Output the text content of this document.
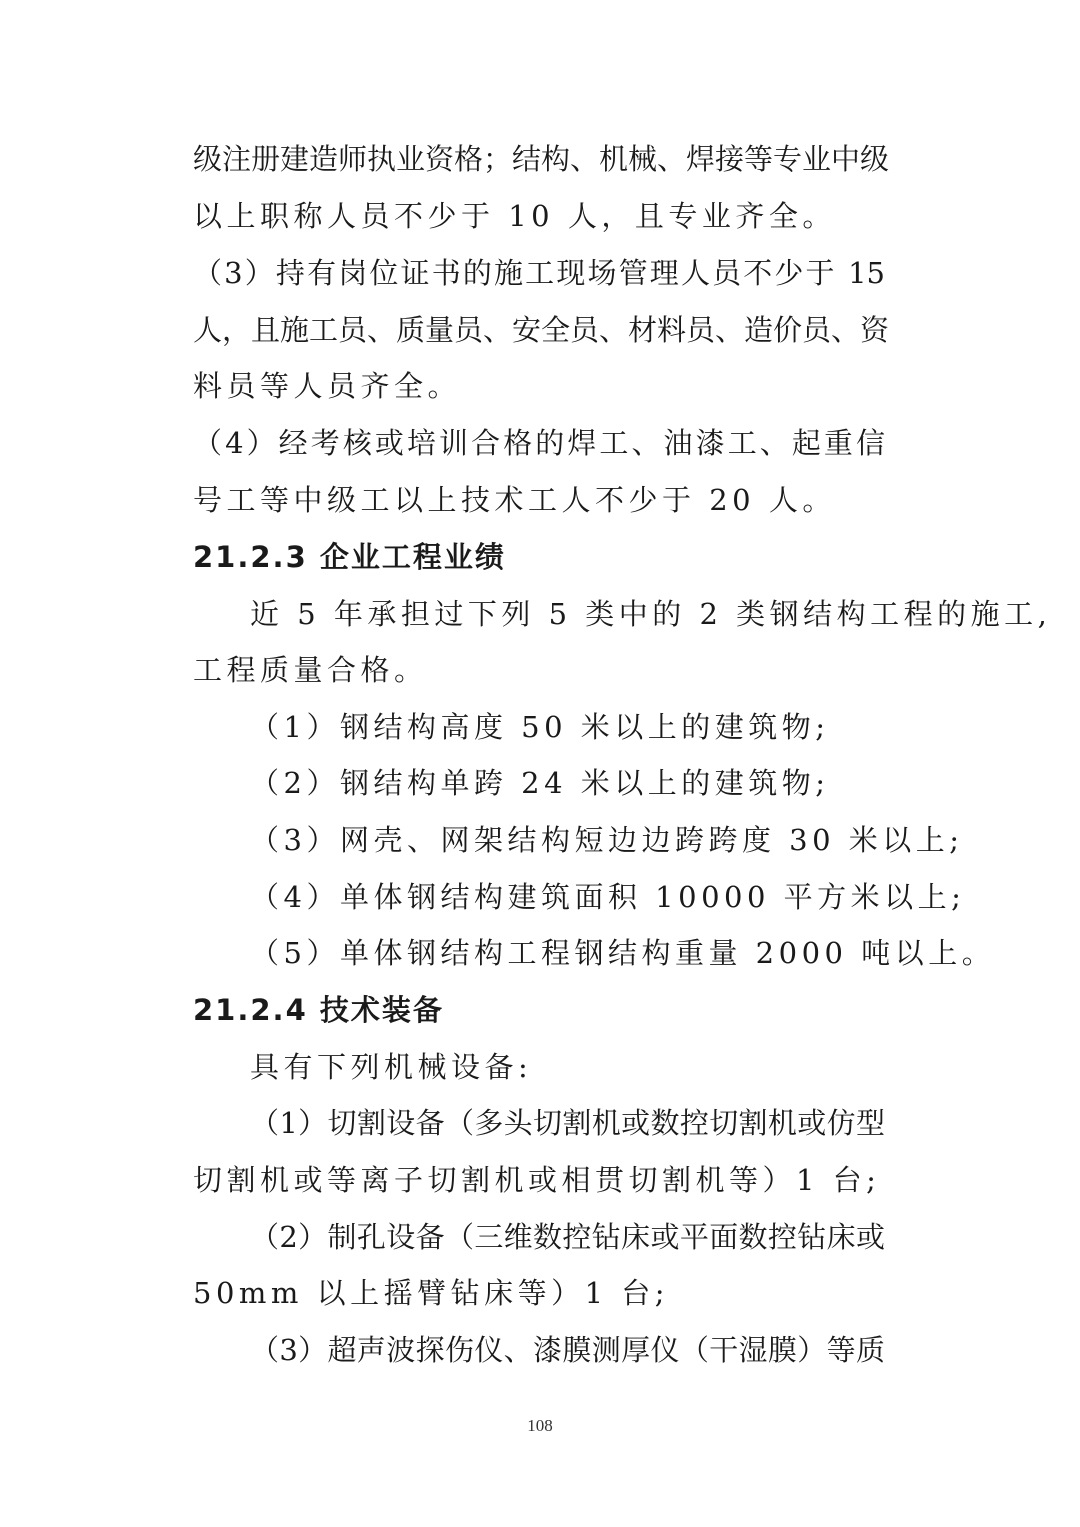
级注册建造师执业资格；结构、机械、焊接等专业中级
以上职称人员不少于 10 人，且专业齐全。
（3）持有岗位证书的施工现场管理人员不少于 15
人，且施工员、质量员、安全员、材料员、造价员、资
料员等人员齐全。
（4）经考核或培训合格的焊工、油漆工、起重信
号工等中级工以上技术工人不少于 20 人。
21.2.3 企业工程业绩
近 5 年承担过下列 5 类中的 2 类钢结构工程的施工,
工程质量合格。
（1）钢结构高度 50 米以上的建筑物;
（2）钢结构单跨 24 米以上的建筑物;
（3）网壳、网架结构短边边跨跨度 30 米以上;
（4）单体钢结构建筑面积 10000 平方米以上;
（5）单体钢结构工程钢结构重量 2000 吨以上。
21.2.4 技术装备
具有下列机械设备:
（1）切割设备（多头切割机或数控切割机或仿型
切割机或等离子切割机或相贯切割机等）1 台;
（2）制孔设备（三维数控钻床或平面数控钻床或
50mm 以上摇臂钻床等）1 台;
（3）超声波探伤仪、漆膜测厚仪（干湿膜）等质
108
